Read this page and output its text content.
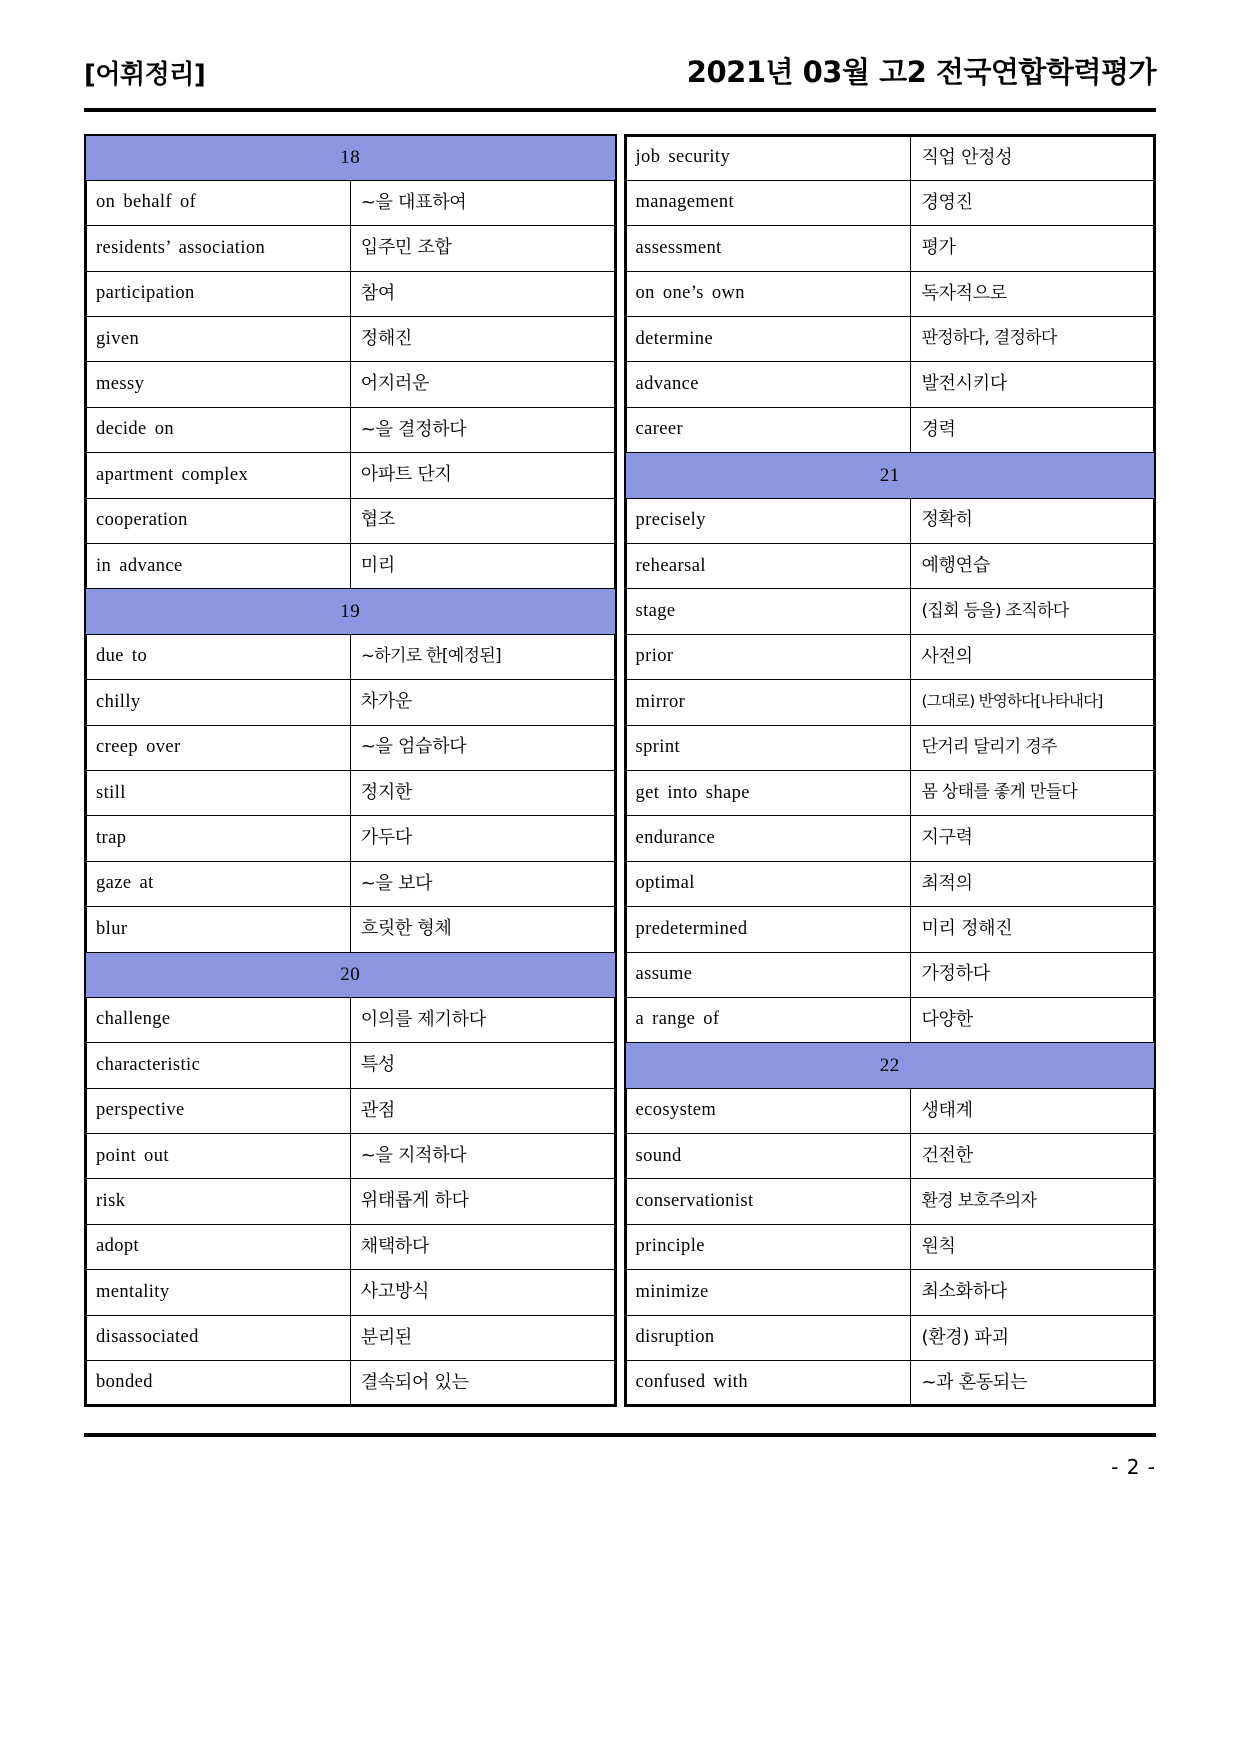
[어휘정리]	2021년 03월 고2 전국연합학력평가
18	
on behalf of	~을 대표하여
residents’ association	입주민 조합
participation	참여
given	정해진
messy	어지러운
decide on	~을 결정하다
apartment complex	아파트 단지
cooperation	협조
in advance	미리
19	
due to	~하기로 한[예정된]
chilly	차가운
creep over	~을 엄습하다
still	정지한
trap	가두다
gaze at	~을 보다
blur	흐릿한 형체
20	
challenge	이의를 제기하다
characteristic	특성
perspective	관점
point out	~을 지적하다
risk	위태롭게 하다
adopt	채택하다
mentality	사고방식
disassociated	분리된
bonded	결속되어 있는
job security	직업 안정성
management	경영진
assessment	평가
on one’s own	독자적으로
determine	판정하다, 결정하다
advance	발전시키다
career	경력
21	
precisely	정확히
rehearsal	예행연습
stage	(집회 등을) 조직하다
prior	사전의
mirror	(그대로) 반영하다[나타내다]
sprint	단거리 달리기 경주
get into shape	몸 상태를 좋게 만들다
endurance	지구력
optimal	최적의
predetermined	미리 정해진
assume	가정하다
a range of	다양한
22	
ecosystem	생태계
sound	건전한
conservationist	환경 보호주의자
principle	원칙
minimize	최소화하다
disruption	(환경) 파괴
confused with	~과 혼동되는
- 2 -
